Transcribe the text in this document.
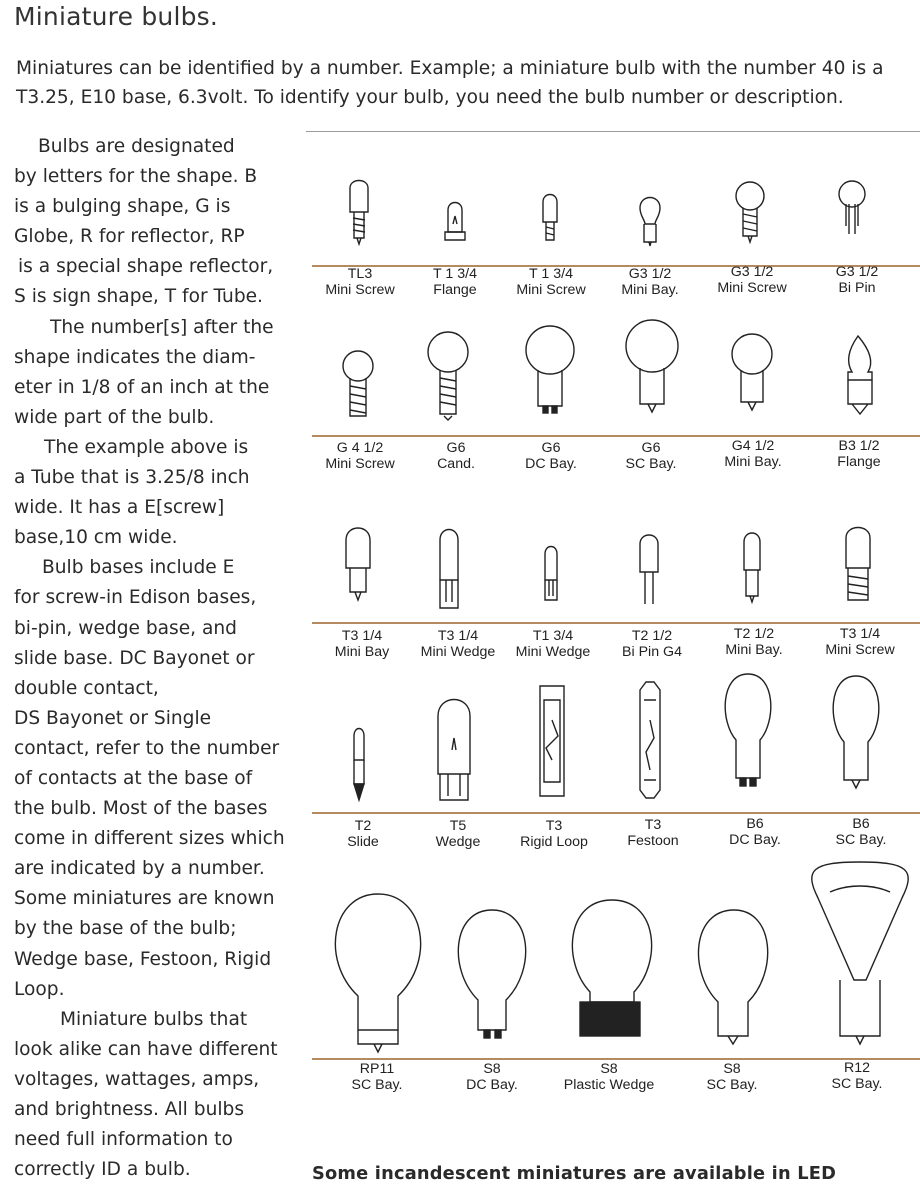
Miniature bulbs.
Miniatures can be identified by a number. Example; a miniature bulb with the number 40 is a T3.25, E10 base, 6.3volt. To identify your bulb, you need the bulb number or description.

Bulbs are designated

by letters for the shape. B

is a bulging shape, G is

Globe, R for reflector, RP

is a special shape reflector,

S is sign shape, T for Tube.

The number[s] after the

shape indicates the diam-

eter in 1/8 of an inch at the

wide part of the bulb.

The example above is

a Tube that is 3.25/8 inch

wide. It has a E[screw]

base,10 cm wide.

Bulb bases include E

for screw-in Edison bases,

bi-pin, wedge base, and

slide base. DC Bayonet or

double contact,

DS Bayonet or Single

contact, refer to the number

of contacts at the base of

the bulb. Most of the bases

come in different sizes which

are indicated by a number.

Some miniatures are known

by the base of the bulb;

Wedge base, Festoon, Rigid

Loop.

Miniature bulbs that

look alike can have different

voltages, wattages, amps,

and brightness. All bulbs

need full information to

correctly ID a bulb.

TL3
Mini Screw
T 1 3/4
Flange
T 1 3/4
Mini Screw
G3 1/2
Mini Bay.
G3 1/2
Mini Screw
G3 1/2
Bi Pin
G 4 1/2
Mini Screw
G6
Cand.
G6
DC Bay.
G6
SC Bay.
G4 1/2
Mini Bay.
B3 1/2
Flange
T3 1/4
Mini Bay
T3 1/4
Mini Wedge
T1 3/4
Mini Wedge
T2 1/2
Bi Pin G4
T2 1/2
Mini Bay.
T3 1/4
Mini Screw
T2
Slide
T5
Wedge
T3
Rigid Loop
T3
Festoon
B6
DC Bay.
B6
SC Bay.
RP11
SC Bay.
S8
DC Bay.
S8
Plastic Wedge
S8
SC Bay.
R12
SC Bay.
Some incandescent miniatures are available in LED
